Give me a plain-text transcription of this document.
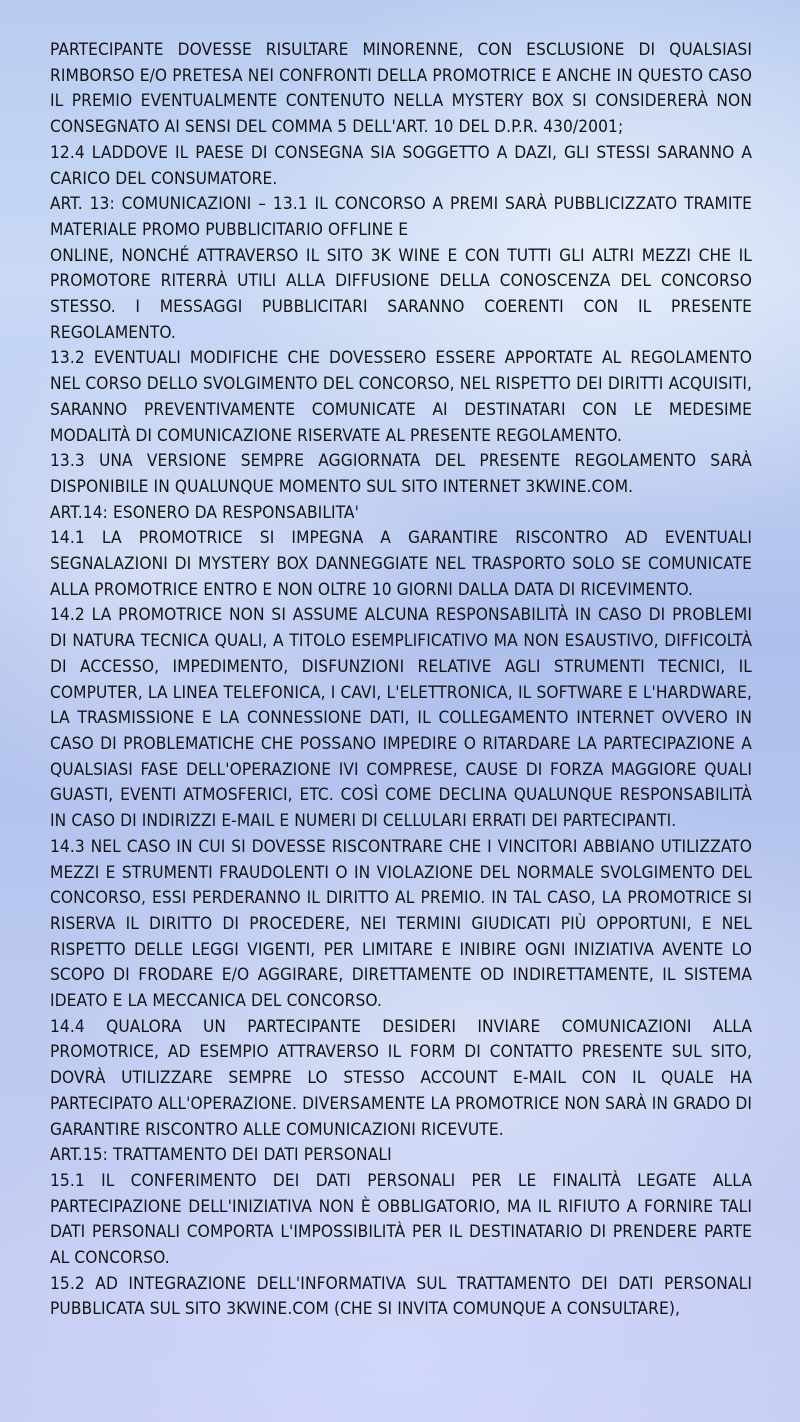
PARTECIPANTE DOVESSE RISULTARE MINORENNE, CON ESCLUSIONE DI QUALSIASI RIMBORSO E/O PRETESA NEI CONFRONTI DELLA PROMOTRICE E ANCHE IN QUESTO CASO IL PREMIO EVENTUALMENTE CONTENUTO NELLA MYSTERY BOX SI CONSIDERERÀ NON CONSEGNATO AI SENSI DEL COMMA 5 DELL'ART. 10 DEL D.P.R. 430/2001;

12.4 LADDOVE IL PAESE DI CONSEGNA SIA SOGGETTO A DAZI, GLI STESSI SARANNO A CARICO DEL CONSUMATORE.

ART. 13: COMUNICAZIONI – 13.1 IL CONCORSO A PREMI SARÀ PUBBLICIZZATO TRAMITE MATERIALE PROMO PUBBLICITARIO OFFLINE E

ONLINE, NONCHÉ ATTRAVERSO IL SITO 3K WINE E CON TUTTI GLI ALTRI MEZZI CHE IL PROMOTORE RITERRÀ UTILI ALLA DIFFUSIONE DELLA CONOSCENZA DEL CONCORSO STESSO. I MESSAGGI PUBBLICITARI SARANNO COERENTI CON IL PRESENTE REGOLAMENTO.

13.2 EVENTUALI MODIFICHE CHE DOVESSERO ESSERE APPORTATE AL REGOLAMENTO NEL CORSO DELLO SVOLGIMENTO DEL CONCORSO, NEL RISPETTO DEI DIRITTI ACQUISITI, SARANNO PREVENTIVAMENTE COMUNICATE AI DESTINATARI CON LE MEDESIME MODALITÀ DI COMUNICAZIONE RISERVATE AL PRESENTE REGOLAMENTO.

13.3 UNA VERSIONE SEMPRE AGGIORNATA DEL PRESENTE REGOLAMENTO SARÀ DISPONIBILE IN QUALUNQUE MOMENTO SUL SITO INTERNET 3KWINE.COM.

ART.14: ESONERO DA RESPONSABILITA'

14.1 LA PROMOTRICE SI IMPEGNA A GARANTIRE RISCONTRO AD EVENTUALI SEGNALAZIONI DI MYSTERY BOX DANNEGGIATE NEL TRASPORTO SOLO SE COMUNICATE ALLA PROMOTRICE ENTRO E NON OLTRE 10 GIORNI DALLA DATA DI RICEVIMENTO.

14.2 LA PROMOTRICE NON SI ASSUME ALCUNA RESPONSABILITÀ IN CASO DI PROBLEMI DI NATURA TECNICA QUALI, A TITOLO ESEMPLIFICATIVO MA NON ESAUSTIVO, DIFFICOLTÀ DI ACCESSO, IMPEDIMENTO, DISFUNZIONI RELATIVE AGLI STRUMENTI TECNICI, IL COMPUTER, LA LINEA TELEFONICA, I CAVI, L'ELETTRONICA, IL SOFTWARE E L'HARDWARE, LA TRASMISSIONE E LA CONNESSIONE DATI, IL COLLEGAMENTO INTERNET OVVERO IN CASO DI PROBLEMATICHE CHE POSSANO IMPEDIRE O RITARDARE LA PARTECIPAZIONE A QUALSIASI FASE DELL'OPERAZIONE IVI COMPRESE, CAUSE DI FORZA MAGGIORE QUALI GUASTI, EVENTI ATMOSFERICI, ETC. COSÌ COME DECLINA QUALUNQUE RESPONSABILITÀ IN CASO DI INDIRIZZI E-MAIL E NUMERI DI CELLULARI ERRATI DEI PARTECIPANTI.

14.3 NEL CASO IN CUI SI DOVESSE RISCONTRARE CHE I VINCITORI ABBIANO UTILIZZATO MEZZI E STRUMENTI FRAUDOLENTI O IN VIOLAZIONE DEL NORMALE SVOLGIMENTO DEL CONCORSO, ESSI PERDERANNO IL DIRITTO AL PREMIO. IN TAL CASO, LA PROMOTRICE SI RISERVA IL DIRITTO DI PROCEDERE, NEI TERMINI GIUDICATI PIÙ OPPORTUNI, E NEL RISPETTO DELLE LEGGI VIGENTI, PER LIMITARE E INIBIRE OGNI INIZIATIVA AVENTE LO SCOPO DI FRODARE E/O AGGIRARE, DIRETTAMENTE OD INDIRETTAMENTE, IL SISTEMA IDEATO E LA MECCANICA DEL CONCORSO.

14.4 QUALORA UN PARTECIPANTE DESIDERI INVIARE COMUNICAZIONI ALLA PROMOTRICE, AD ESEMPIO ATTRAVERSO IL FORM DI CONTATTO PRESENTE SUL SITO, DOVRÀ UTILIZZARE SEMPRE LO STESSO ACCOUNT E-MAIL CON IL QUALE HA PARTECIPATO ALL'OPERAZIONE. DIVERSAMENTE LA PROMOTRICE NON SARÀ IN GRADO DI GARANTIRE RISCONTRO ALLE COMUNICAZIONI RICEVUTE.

ART.15: TRATTAMENTO DEI DATI PERSONALI

15.1 IL CONFERIMENTO DEI DATI PERSONALI PER LE FINALITÀ LEGATE ALLA PARTECIPAZIONE DELL'INIZIATIVA NON È OBBLIGATORIO, MA IL RIFIUTO A FORNIRE TALI DATI PERSONALI COMPORTA L'IMPOSSIBILITÀ PER IL DESTINATARIO DI PRENDERE PARTE AL CONCORSO.

15.2 AD INTEGRAZIONE DELL'INFORMATIVA SUL TRATTAMENTO DEI DATI PERSONALI PUBBLICATA SUL SITO 3KWINE.COM (CHE SI INVITA COMUNQUE A CONSULTARE),
